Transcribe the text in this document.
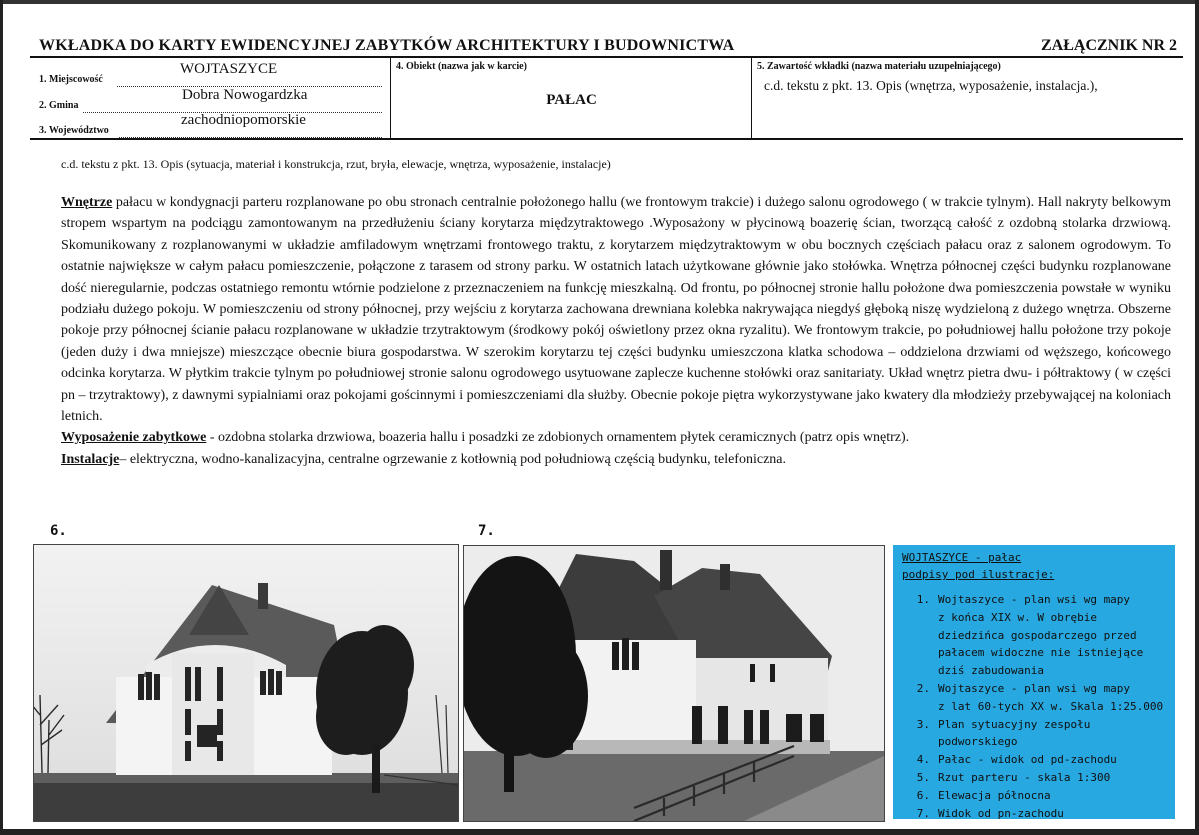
WKŁADKA DO KARTY EWIDENCYJNEJ ZABYTKÓW ARCHITEKTURY I BUDOWNICTWA	ZAŁĄCZNIK NR 2
1. Miejscowość
WOJTASZYCE
2. Gmina
Dobra Nowogardzka
3. Województwo
zachodniopomorskie
4. Obiekt (nazwa jak w karcie)
PAŁAC
5. Zawartość wkładki (nazwa materiału uzupełniającego)
c.d. tekstu z pkt. 13. Opis (wnętrza, wyposażenie, instalacja.),
c.d. tekstu z pkt. 13. Opis (sytuacja, materiał i konstrukcja, rzut, bryła, elewacje, wnętrza, wyposażenie, instalacje)

Wnętrze pałacu w kondygnacji parteru rozplanowane po obu stronach centralnie położonego hallu (we frontowym trakcie) i dużego salonu ogrodowego ( w trakcie tylnym). Hall nakryty belkowym stropem wspartym na podciągu zamontowanym na przedłużeniu ściany korytarza międzytraktowego .Wyposażony w płycinową boazerię ścian, tworzącą całość z ozdobną stolarka drzwiową. Skomunikowany z rozplanowanymi w układzie amfiladowym wnętrzami frontowego traktu, z korytarzem międzytraktowym w obu bocznych częściach pałacu oraz z salonem ogrodowym. To ostatnie największe w całym pałacu pomieszczenie, połączone z tarasem od strony parku. W ostatnich latach użytkowane głównie jako stołówka. Wnętrza północnej części budynku rozplanowane dość nieregularnie, podczas ostatniego remontu wtórnie podzielone z przeznaczeniem na funkcję mieszkalną. Od frontu, po północnej stronie hallu położone dwa pomieszczenia powstałe w wyniku podziału dużego pokoju. W pomieszczeniu od strony północnej, przy wejściu z korytarza zachowana drewniana kolebka nakrywająca niegdyś głęboką niszę wydzieloną z dużego wnętrza. Obszerne pokoje przy północnej ścianie pałacu rozplanowane w układzie trzytraktowym (środkowy pokój oświetlony przez okna ryzalitu). We frontowym trakcie, po południowej hallu położone trzy pokoje (jeden duży i dwa mniejsze) mieszczące obecnie biura gospodarstwa. W szerokim korytarzu tej części budynku umieszczona klatka schodowa – oddzielona drzwiami od węższego, końcowego odcinka korytarza. W płytkim trakcie tylnym po południowej stronie salonu ogrodowego usytuowane zaplecze kuchenne stołówki oraz sanitariaty. Układ wnętrz pietra dwu- i półtraktowy ( w części pn – trzytraktowy), z dawnymi sypialniami oraz pokojami gościnnymi i pomieszczeniami dla służby. Obecnie pokoje piętra wykorzystywane jako kwatery dla młodzieży przebywającej na koloniach letnich.

Wyposażenie zabytkowe - ozdobna stolarka drzwiowa, boazeria hallu i posadzki ze zdobionych ornamentem płytek ceramicznych (patrz opis wnętrz).

Instalacje– elektryczna, wodno-kanalizacyjna, centralne ogrzewanie z kotłownią pod południową częścią budynku, telefoniczna.

6.	7.
WOJTASZYCE - pałac
podpisy pod ilustracje:
1. Wojtaszyce - plan wsi wg mapy
z końca XIX w. W obrębie
dziedzińca gospodarczego przed
pałacem widoczne nie istniejące
dziś zabudowania
2. Wojtaszyce - plan wsi wg mapy
z lat 60-tych XX w. Skala 1:25.000
3. Plan sytuacyjny zespołu
podworskiego
4. Pałac - widok od pd-zachodu
5. Rzut parteru - skala 1:300
6. Elewacja północna
7. Widok od pn-zachodu
